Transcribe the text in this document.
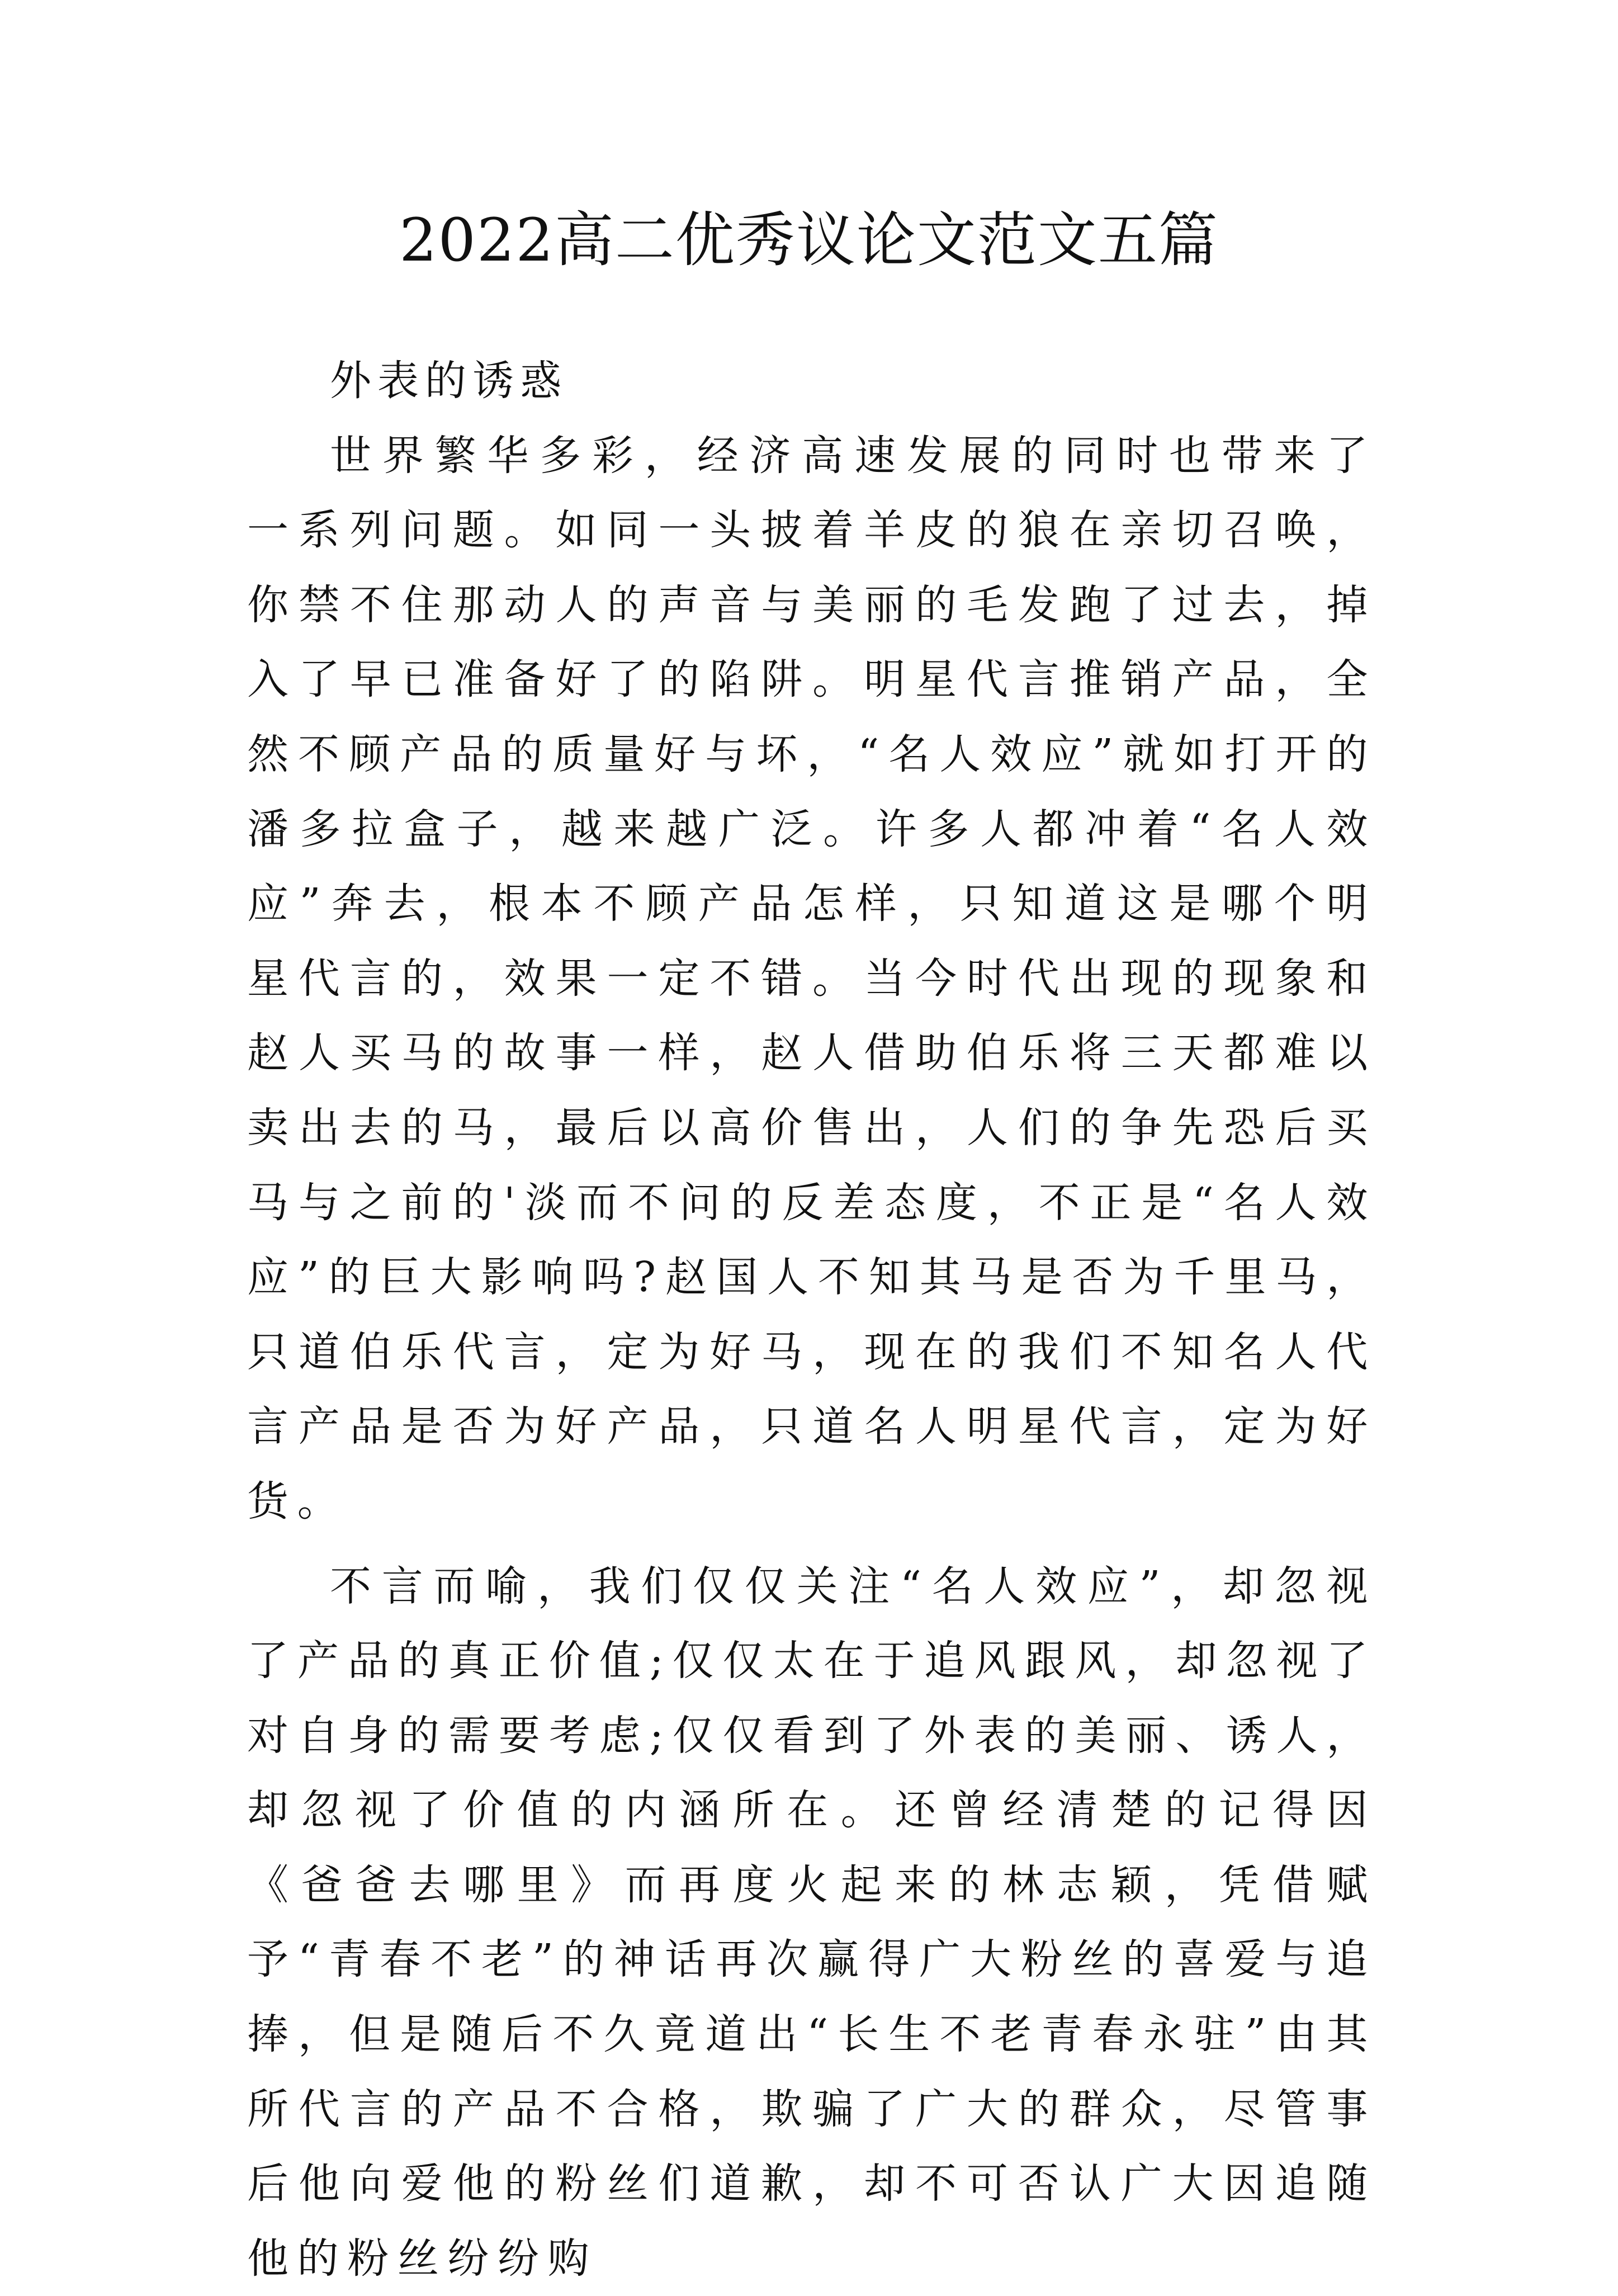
2022高二优秀议论文范文五篇

外表的诱惑

世界繁华多彩，经济高速发展的同时也带来了一系列问题。如同一头披着羊皮的狼在亲切召唤，你禁不住那动人的声音与美丽的毛发跑了过去，掉入了早已准备好了的陷阱。明星代言推销产品，全然不顾产品的质量好与坏，“名人效应”就如打开的潘多拉盒子，越来越广泛。许多人都冲着“名人效应”奔去，根本不顾产品怎样，只知道这是哪个明星代言的，效果一定不错。当今时代出现的现象和赵人买马的故事一样，赵人借助伯乐将三天都难以卖出去的马，最后以高价售出，人们的争先恐后买马与之前的'淡而不问的反差态度，不正是“名人效应”的巨大影响吗?赵国人不知其马是否为千里马，只道伯乐代言，定为好马，现在的我们不知名人代言产品是否为好产品，只道名人明星代言，定为好货。

不言而喻，我们仅仅关注“名人效应”，却忽视了产品的真正价值;仅仅太在于追风跟风，却忽视了对自身的需要考虑;仅仅看到了外表的美丽、诱人，却忽视了价值的内涵所在。还曾经清楚的记得因《爸爸去哪里》而再度火起来的林志颖，凭借赋予“青春不老”的神话再次赢得广大粉丝的喜爱与追捧，但是随后不久竟道出“长生不老青春永驻”由其所代言的产品不合格，欺骗了广大的群众，尽管事后他向爱他的粉丝们道歉，却不可否认广大因追随他的粉丝纷纷购
